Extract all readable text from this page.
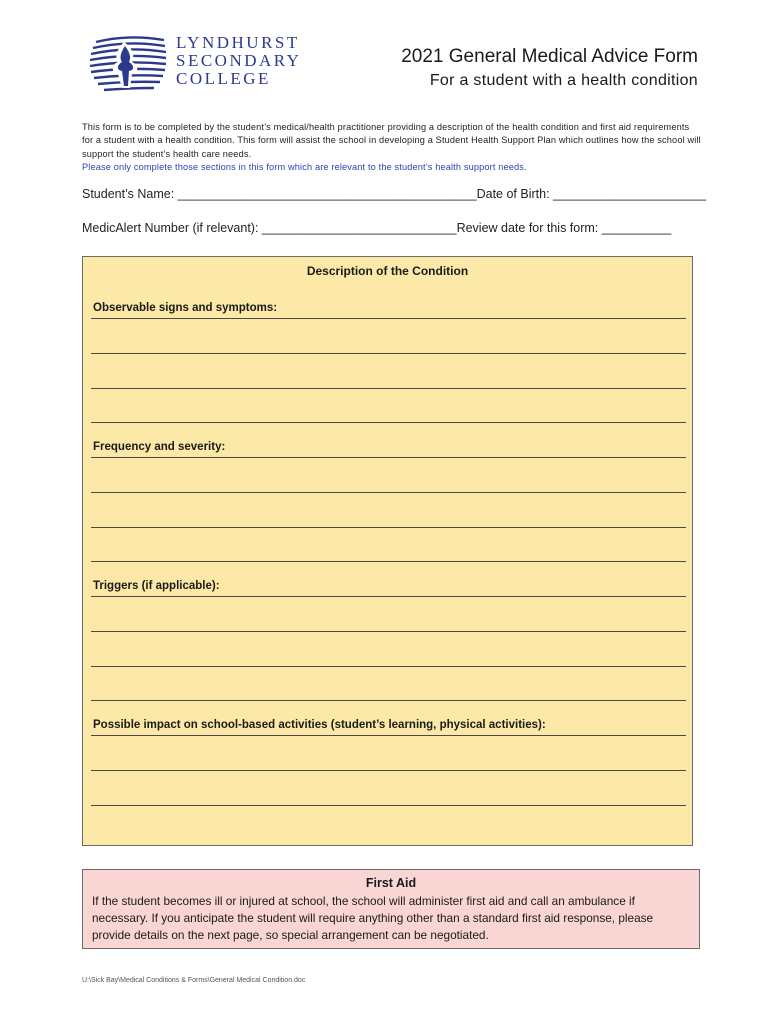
LYNDHURST
SECONDARY
COLLEGE
2021 General Medical Advice Form
For a student with a health condition
This form is to be completed by the student’s medical/health practitioner providing a description of the health condition and first aid requirements for a student with a health condition. This form will assist the school in developing a Student Health Support Plan which outlines how the school will support the student’s health care needs.
Please only complete those sections in this form which are relevant to the student’s health support needs.
Student’s Name: ___________________________________________Date of Birth: ______________________
MedicAlert Number (if relevant): ____________________________Review date for this form: __________
Description of the Condition
Observable signs and symptoms:
Frequency and severity:
Triggers (if applicable):
Possible impact on school-based activities (student’s learning, physical activities):
First Aid
If the student becomes ill or injured at school, the school will administer first aid and call an ambulance if necessary. If you anticipate the student will require anything other than a standard first aid response, please provide details on the next page, so special arrangement can be negotiated.
U:\Sick Bay\Medical Conditions & Forms\General Medical Condition.doc
